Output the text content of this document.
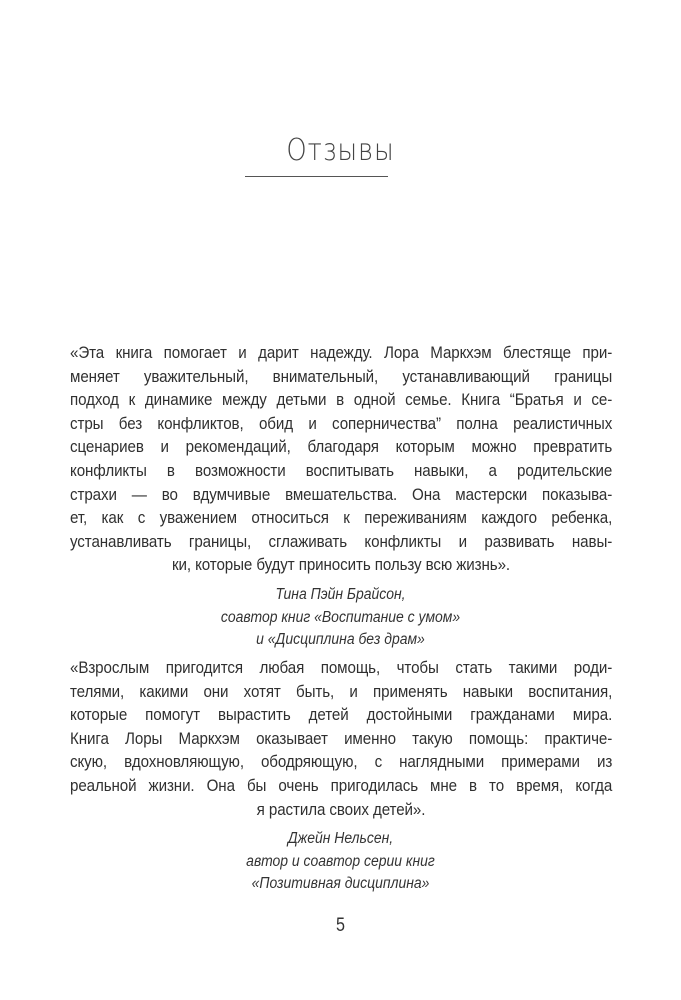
Отзывы
«Эта книга помогает и дарит надежду. Лора Маркхэм блестяще при-
меняет уважительный, внимательный, устанавливающий границы
подход к динамике между детьми в одной семье. Книга “Братья и се-
стры без конфликтов, обид и соперничества” полна реалистичных
сценариев и рекомендаций, благодаря которым можно превратить
конфликты в возможности воспитывать навыки, а родительские
страхи — во вдумчивые вмешательства. Она мастерски показыва-
ет, как с уважением относиться к переживаниям каждого ребенка,
устанавливать границы, сглаживать конфликты и развивать навы-
ки, которые будут приносить пользу всю жизнь».
Тина Пэйн Брайсон,
соавтор книг «Воспитание с умом»
и «Дисциплина без драм»
«Взрослым пригодится любая помощь, чтобы стать такими роди-
телями, какими они хотят быть, и применять навыки воспитания,
которые помогут вырастить детей достойными гражданами мира.
Книга Лоры Маркхэм оказывает именно такую помощь: практиче-
скую, вдохновляющую, ободряющую, с наглядными примерами из
реальной жизни. Она бы очень пригодилась мне в то время, когда
я растила своих детей».
Джейн Нельсен,
автор и соавтор серии книг
«Позитивная дисциплина»
5
